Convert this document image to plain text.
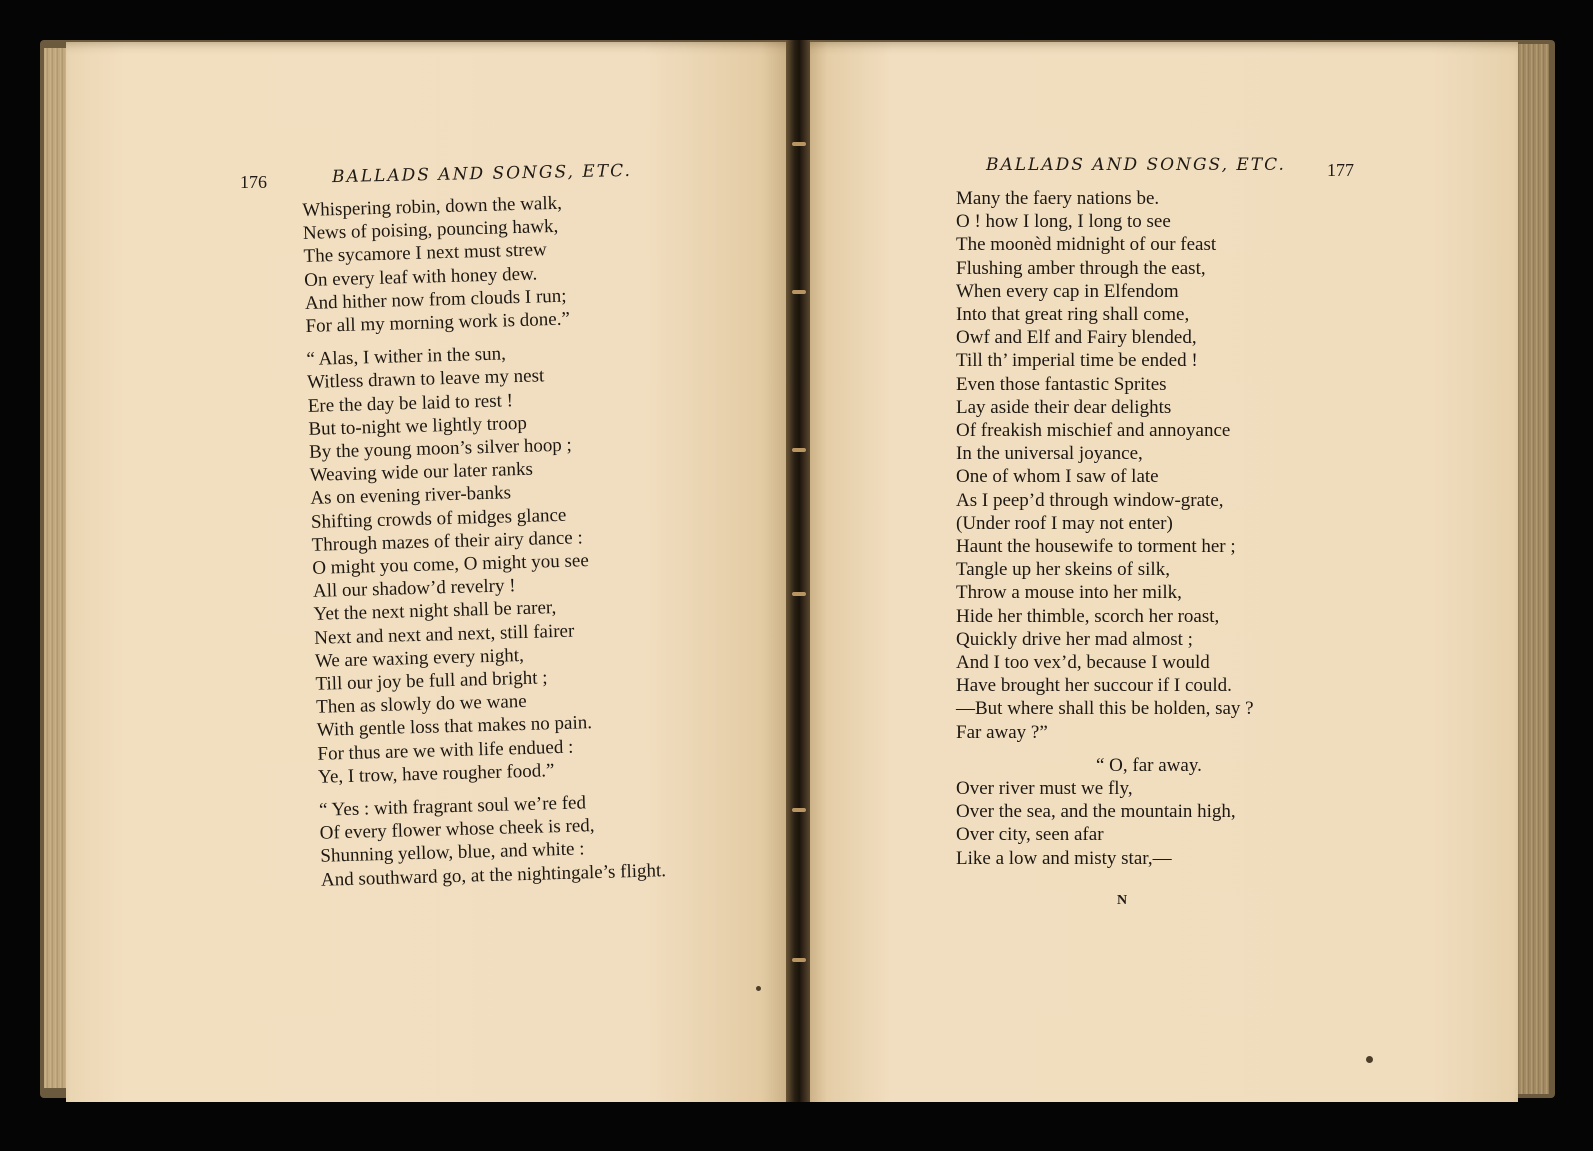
176	BALLADS AND SONGS, ETC.
Whispering robin, down the walk,
News of poising, pouncing hawk,
The sycamore I next must strew
On every leaf with honey dew.
And hither now from clouds I run;
For all my morning work is done.”
“ Alas, I wither in the sun,
Witless drawn to leave my nest
Ere the day be laid to rest !
But to-night we lightly troop
By the young moon’s silver hoop ;
Weaving wide our later ranks
As on evening river-banks
Shifting crowds of midges glance
Through mazes of their airy dance :
O might you come, O might you see
All our shadow’d revelry !
Yet the next night shall be rarer,
Next and next and next, still fairer
We are waxing every night,
Till our joy be full and bright ;
Then as slowly do we wane
With gentle loss that makes no pain.
For thus are we with life endued :
Ye, I trow, have rougher food.”
“ Yes : with fragrant soul we’re fed
Of every flower whose cheek is red,
Shunning yellow, blue, and white :
And southward go, at the nightingale’s flight.
BALLADS AND SONGS, ETC. 177
Many the faery nations be.
O ! how I long, I long to see
The moonèd midnight of our feast
Flushing amber through the east,
When every cap in Elfendom
Into that great ring shall come,
Owf and Elf and Fairy blended,
Till th’ imperial time be ended !
Even those fantastic Sprites
Lay aside their dear delights
Of freakish mischief and annoyance
In the universal joyance,
One of whom I saw of late
As I peep’d through window-grate,
(Under roof I may not enter)
Haunt the housewife to torment her ;
Tangle up her skeins of silk,
Throw a mouse into her milk,
Hide her thimble, scorch her roast,
Quickly drive her mad almost ;
And I too vex’d, because I would
Have brought her succour if I could.
—But where shall this be holden, say ?
Far away ?”
“ O, far away.
Over river must we fly,
Over the sea, and the mountain high,
Over city, seen afar
Like a low and misty star,—
N
